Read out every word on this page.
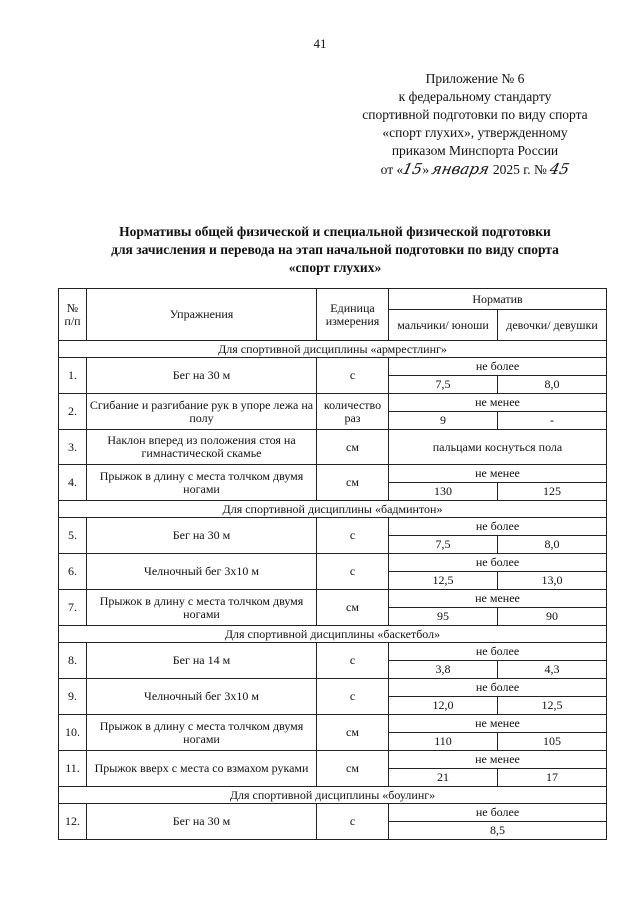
41
Приложение № 6
к федеральному стандарту
спортивной подготовки по виду спорта
«спорт глухих», утвержденному
приказом Минспорта России
от «15» января 2025 г. № 45
Нормативы общей физической и специальной физической подготовки
для зачисления и перевода на этап начальной подготовки по виду спорта
«спорт глухих»
№ п/п	Упражнения	Единица измерения	Норматив	
			мальчики/ юноши	девочки/ девушки
Для спортивной дисциплины «армрестлинг»				
1.	Бег на 30 м	с	не более	
			7,5	8,0
2.	Сгибание и разгибание рук в упоре лежа на полу	количество раз	не менее	
			9	-
3.	Наклон вперед из положения стоя на гимнастической скамье	см	пальцами коснуться пола	
4.	Прыжок в длину с места толчком двумя ногами	см	не менее	
			130	125
Для спортивной дисциплины «бадминтон»				
5.	Бег на 30 м	с	не более	
			7,5	8,0
6.	Челночный бег 3x10 м	с	не более	
			12,5	13,0
7.	Прыжок в длину с места толчком двумя ногами	см	не менее	
			95	90
Для спортивной дисциплины «баскетбол»				
8.	Бег на 14 м	с	не более	
			3,8	4,3
9.	Челночный бег 3x10 м	с	не более	
			12,0	12,5
10.	Прыжок в длину с места толчком двумя ногами	см	не менее	
			110	105
11.	Прыжок вверх с места со взмахом руками	см	не менее	
			21	17
Для спортивной дисциплины «боулинг»				
12.	Бег на 30 м	с	не более	
			8,5	
